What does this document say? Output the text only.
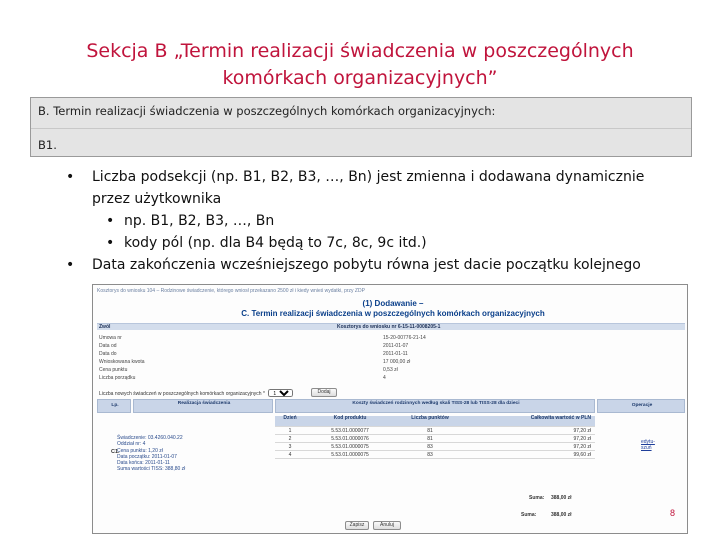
Sekcja B „Termin realizacji świadczenia w poszczególnych
komórkach organizacyjnych”
B. Termin realizacji świadczenia w poszczególnych komórkach organizacyjnych:
B1.
• Liczba podsekcji (np. B1, B2, B3, …, Bn) jest zmienna i dodawana dynamicznie
przez użytkownika
• np. B1, B2, B3, …, Bn
• kody pól (np. dla B4 będą to 7c, 8c, 9c itd.)
• Data zakończenia wcześniejszego pobytu równa jest dacie początku kolejnego
Kosztorys do wniosku 104 – Rodzinowe świadczenie, którego wniosł przekazano 2500 zł i kiedy wnieś wydatki, przy ZDP
(1) Dodawanie –
C. Termin realizacji świadczenia w poszczególnych komórkach organizacyjnych
Zwól	Kosztorys do wniosku nr 6-15-11-0008205-1
Umowa nr	15-20-00776-21-14
Data od	2011-01-07
Data do	2011-01-11
Wnioskowana kwota	17 000,00 zł
Cena punktu	0,53 zł
Liczba porządku	4
Liczba nowych świadczeń w poszczególnych komórkach organizacyjnych *
1	Dodaj
Lp.	Realizacja świadczenia	Koszty świadczeń rodzinnych według skali TISS-28 lub TISS-28 dla dzieci	Operacje
Dzień	Kod produktu	Liczba punktów	Całkowita wartość w PLN
1	5.53.01.0000077	81	97,20 zł
2	5.53.01.0000076	81	97,20 zł
3	5.53.01.0000075	83	97,20 zł
4	5.53.01.0000075	83	99,60 zł
C1.
Świadczenie: 03.4260.040.22
Oddział nr: 4
Cena punktu: 1,20 zł
Data początku: 2011-01-07
Data końca: 2011-01-11
Suma wartości TISS: 388,80 zł
edytu-
szuń
Suma: 388,00 zł
Suma:	388,00 zł
Zapisz	Anuluj
8
